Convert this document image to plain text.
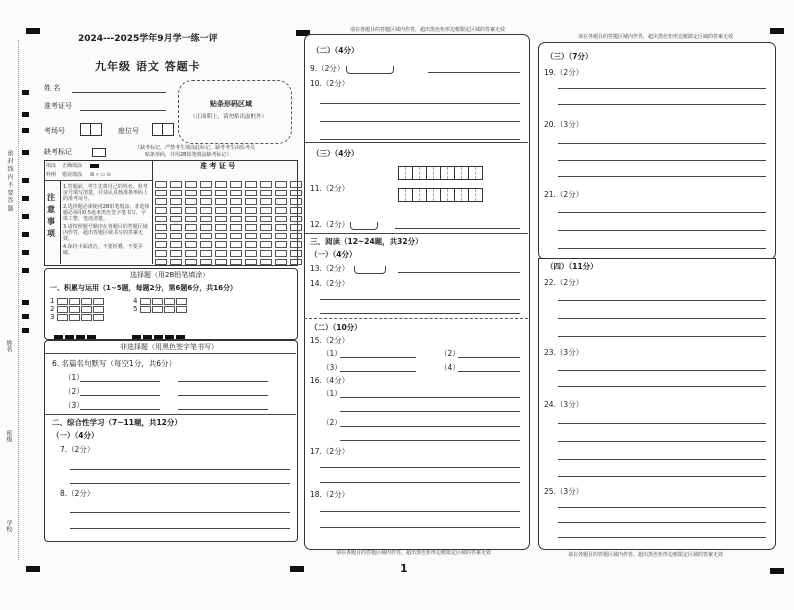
密 封 线 内 不 要 答 题
学校
班级
姓名
2024---2025学年9月学一练一评
九年级 语文 答题卡
姓 名
准考证号
考场号	座位号
贴条形码区域
（正面朝上，请勿贴出虚框外）
缺考标记	（缺考标记，严禁考生填涂此标记。缺考考生由监考员
贴条形码，并用2B铅笔填涂缺考标记）
填涂 正确填涂
样例 错误填涂 ☒ ☓ ▭ ⊙
准 考 证 号
注意事项
1.答题前，考生先将自己的姓名、准考证号填写清楚，并请认真核准条形码上的准考证号。
2.选择题必须使用2B铅笔填涂；非选择题必须用0.5毫米黑色签字笔书写，字体工整，笔迹清楚。
3.请按照题号顺序在各题目的答题区域内作答，超出答题区域书写的答案无效。
4.保持卡面清洁，不要折叠、不要弄破。
选择题（用2B铅笔填涂）
一、积累与运用（1~5题，每题2分，第6题6分，共16分）
1
2
3
4
5

非选择题（用黑色签字笔书写）
6. 名篇名句默写（每空1分，共6分）
（1）
（2）
（3）
二、综合性学习（7~11题，共12分）
（一）（4分）
7.（2分）
8.（2分）
请在各题目的答题区域内作答，超出黑色矩形边框限定区域的答案无效
（二）（4分）
9.（2分）
10.（2分）
（三）（4分）
11.（2分）
12.（2分）
三、阅读（12~24题，共32分）
（一）（4分）
13.（2分）
14.（2分）
（二）（10分）
15.（2分）
（1）	（2）
（3）	（4）
16.（4分）
（1）
（2）
17.（2分）
18.（2分）
请在各题目的答题区域内作答，超出黑色矩形边框限定区域的答案无效
1
请在各题目的答题区域内作答，超出黑色矩形边框限定区域的答案无效
（三）（7分）
19.（2分）
20.（3分）
21.（2分）
（四）（11分）
22.（2分）
23.（3分）
24.（3分）
25.（3分）
请在各题目的答题区域内作答，超出黑色矩形边框限定区域的答案无效
